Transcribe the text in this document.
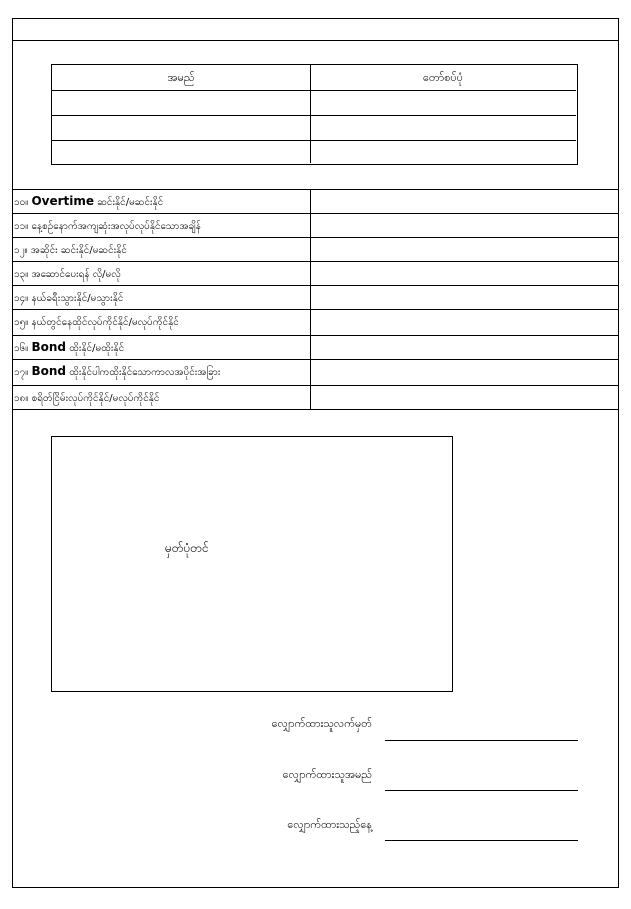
အမည်	တော်စပ်ပုံ
၁၀။ Overtime ဆင်းနိုင်/မဆင်းနိုင်
၁၁။ နေ့စဉ်နောက်အကျဆုံးအလုပ်လုပ်နိုင်သောအချိန်
၁၂။ အဆိုင်း ဆင်းနိုင်/မဆင်းနိုင်
၁၃။ အဆောင်ပေးရန် လို/မလို
၁၄။ နယ်ခရီးသွားနိုင်/မသွားနိုင်
၁၅။ နယ်တွင်နေထိုင်လုပ်ကိုင်နိုင်/မလုပ်ကိုင်နိုင်
၁၆။ Bond ထိုးနိုင်/မထိုးနိုင်
၁၇။ Bond ထိုးနိုင်ပါကထိုးနိုင်သောကာလအပိုင်းအခြား
၁၈။ စရိတ်ငြိမ်းလုပ်ကိုင်နိုင်/မလုပ်ကိုင်နိုင်
မှတ်ပုံတင်
လျှောက်ထားသူလက်မှတ်
လျှောက်ထားသူအမည်
လျှောက်ထားသည့်နေ့
